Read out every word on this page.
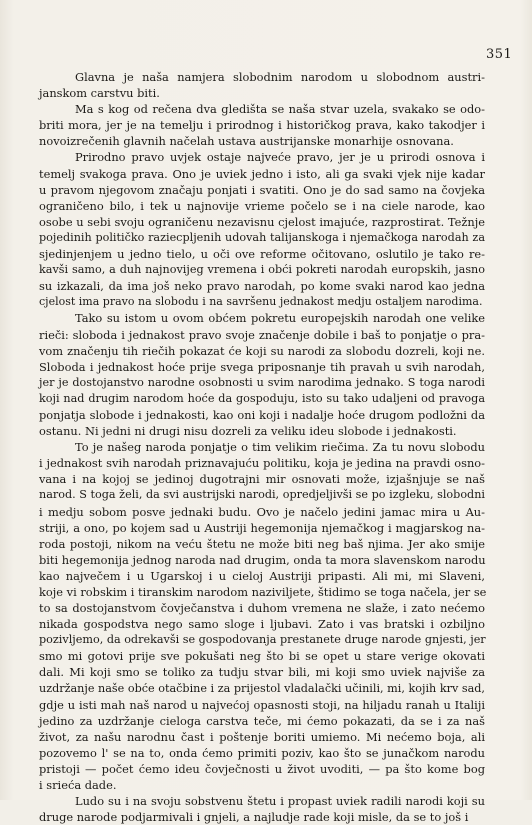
351
Glavna je naša namjera slobodnim narodom u slobodnom austri-
janskom carstvu biti.
Ma s kog od rečena dva gledišta se naša stvar uzela, svakako se odo-
briti mora, jer je na temelju i prirodnog i historičkog prava, kako takodjer i
novoizrečenih glavnih načelah ustava austrijanske monarhije osnovana.
Prirodno pravo uvjek ostaje najveće pravo, jer je u prirodi osnova i
temelj svakoga prava. Ono je uviek jedno i isto, ali ga svaki vjek nije kadar
u pravom njegovom značaju ponjati i svatiti. Ono je do sad samo na čovjeka
ograničeno bilo, i tek u najnovije vrieme počelo se i na ciele narode, kao
osobe u sebi svoju ograničenu nezavisnu cjelost imajuće, razprostirat. Težnje
pojedinih političko raziecpljenih udovah talijanskoga i njemačkoga narodah za
sjedinjenjem u jedno tielo, u oči ove reforme očitovano, oslutilo je tako re-
kavši samo, a duh najnovijeg vremena i obći pokreti narodah europskih, jasno
su izkazali, da ima još neko pravo narodah, po kome svaki narod kao jedna
cjelost ima pravo na slobodu i na savršenu jednakost medju ostaljem narodima.
Tako su istom u ovom obćem pokretu europejskih narodah one velike
rieči: sloboda i jednakost pravo svoje značenje dobile i baš to ponjatje o pra-
vom značenju tih riečih pokazat će koji su narodi za slobodu dozreli, koji ne.
Sloboda i jednakost hoće prije svega priposnanje tih pravah u svih narodah,
jer je dostojanstvo narodne osobnosti u svim narodima jednako. S toga narodi
koji nad drugim narodom hoće da gospoduju, isto su tako udaljeni od pravoga
ponjatja slobode i jednakosti, kao oni koji i nadalje hoće drugom podložni da
ostanu. Ni jedni ni drugi nisu dozreli za veliku ideu slobode i jednakosti.
To je našeg naroda ponjatje o tim velikim riečima. Za tu novu slobodu
i jednakost svih narodah priznavajuću politiku, koja je jedina na pravdi osno-
vana i na kojoj se jedinoj dugotrajni mir osnovati može, izjašnjuje se naš
narod. S toga želi, da svi austrijski narodi, opredjeljivši se po izgleku, slobodni
i medju sobom posve jednaki budu. Ovo je načelo jedini jamac mira u Au-
striji, a ono, po kojem sad u Austriji hegemonija njemačkog i magjarskog na-
roda postoji, nikom na veću štetu ne može biti neg baš njima. Jer ako smije
biti hegemonija jednog naroda nad drugim, onda ta mora slavenskom narodu
kao največem i u Ugarskoj i u cieloj Austriji pripasti. Ali mi, mi Slaveni,
koje vi robskim i tiranskim narodom naziviljete, štidimo se toga načela, jer se
to sa dostojanstvom čovječanstva i duhom vremena ne slaže, i zato nećemo
nikada gospodstva nego samo sloge i ljubavi. Zato i vas bratski i ozbiljno
pozivljemo, da odrekavši se gospodovanja prestanete druge narode gnjesti, jer
smo mi gotovi prije sve pokušati neg što bi se opet u stare verige okovati
dali. Mi koji smo se toliko za tudju stvar bili, mi koji smo uviek najviše za
uzdržanje naše obće otačbine i za prijestol vladalački učinili, mi, kojih krv sad,
gdje u isti mah naš narod u najvećoj opasnosti stoji, na hiljadu ranah u Italiji
jedino za uzdržanje cieloga carstva teče, mi ćemo pokazati, da se i za naš
život, za našu narodnu čast i poštenje boriti umiemo. Mi nećemo boja, ali
pozovemo l' se na to, onda ćemo primiti poziv, kao što se junačkom narodu
pristoji — počet ćemo ideu čovječnosti u život uvoditi, — pa što kome bog
i srieća dade.
Ludo su i na svoju sobstvenu štetu i propast uviek radili narodi koji su
druge narode podjarmivali i gnjeli, a najludje rade koji misle, da se to još i
